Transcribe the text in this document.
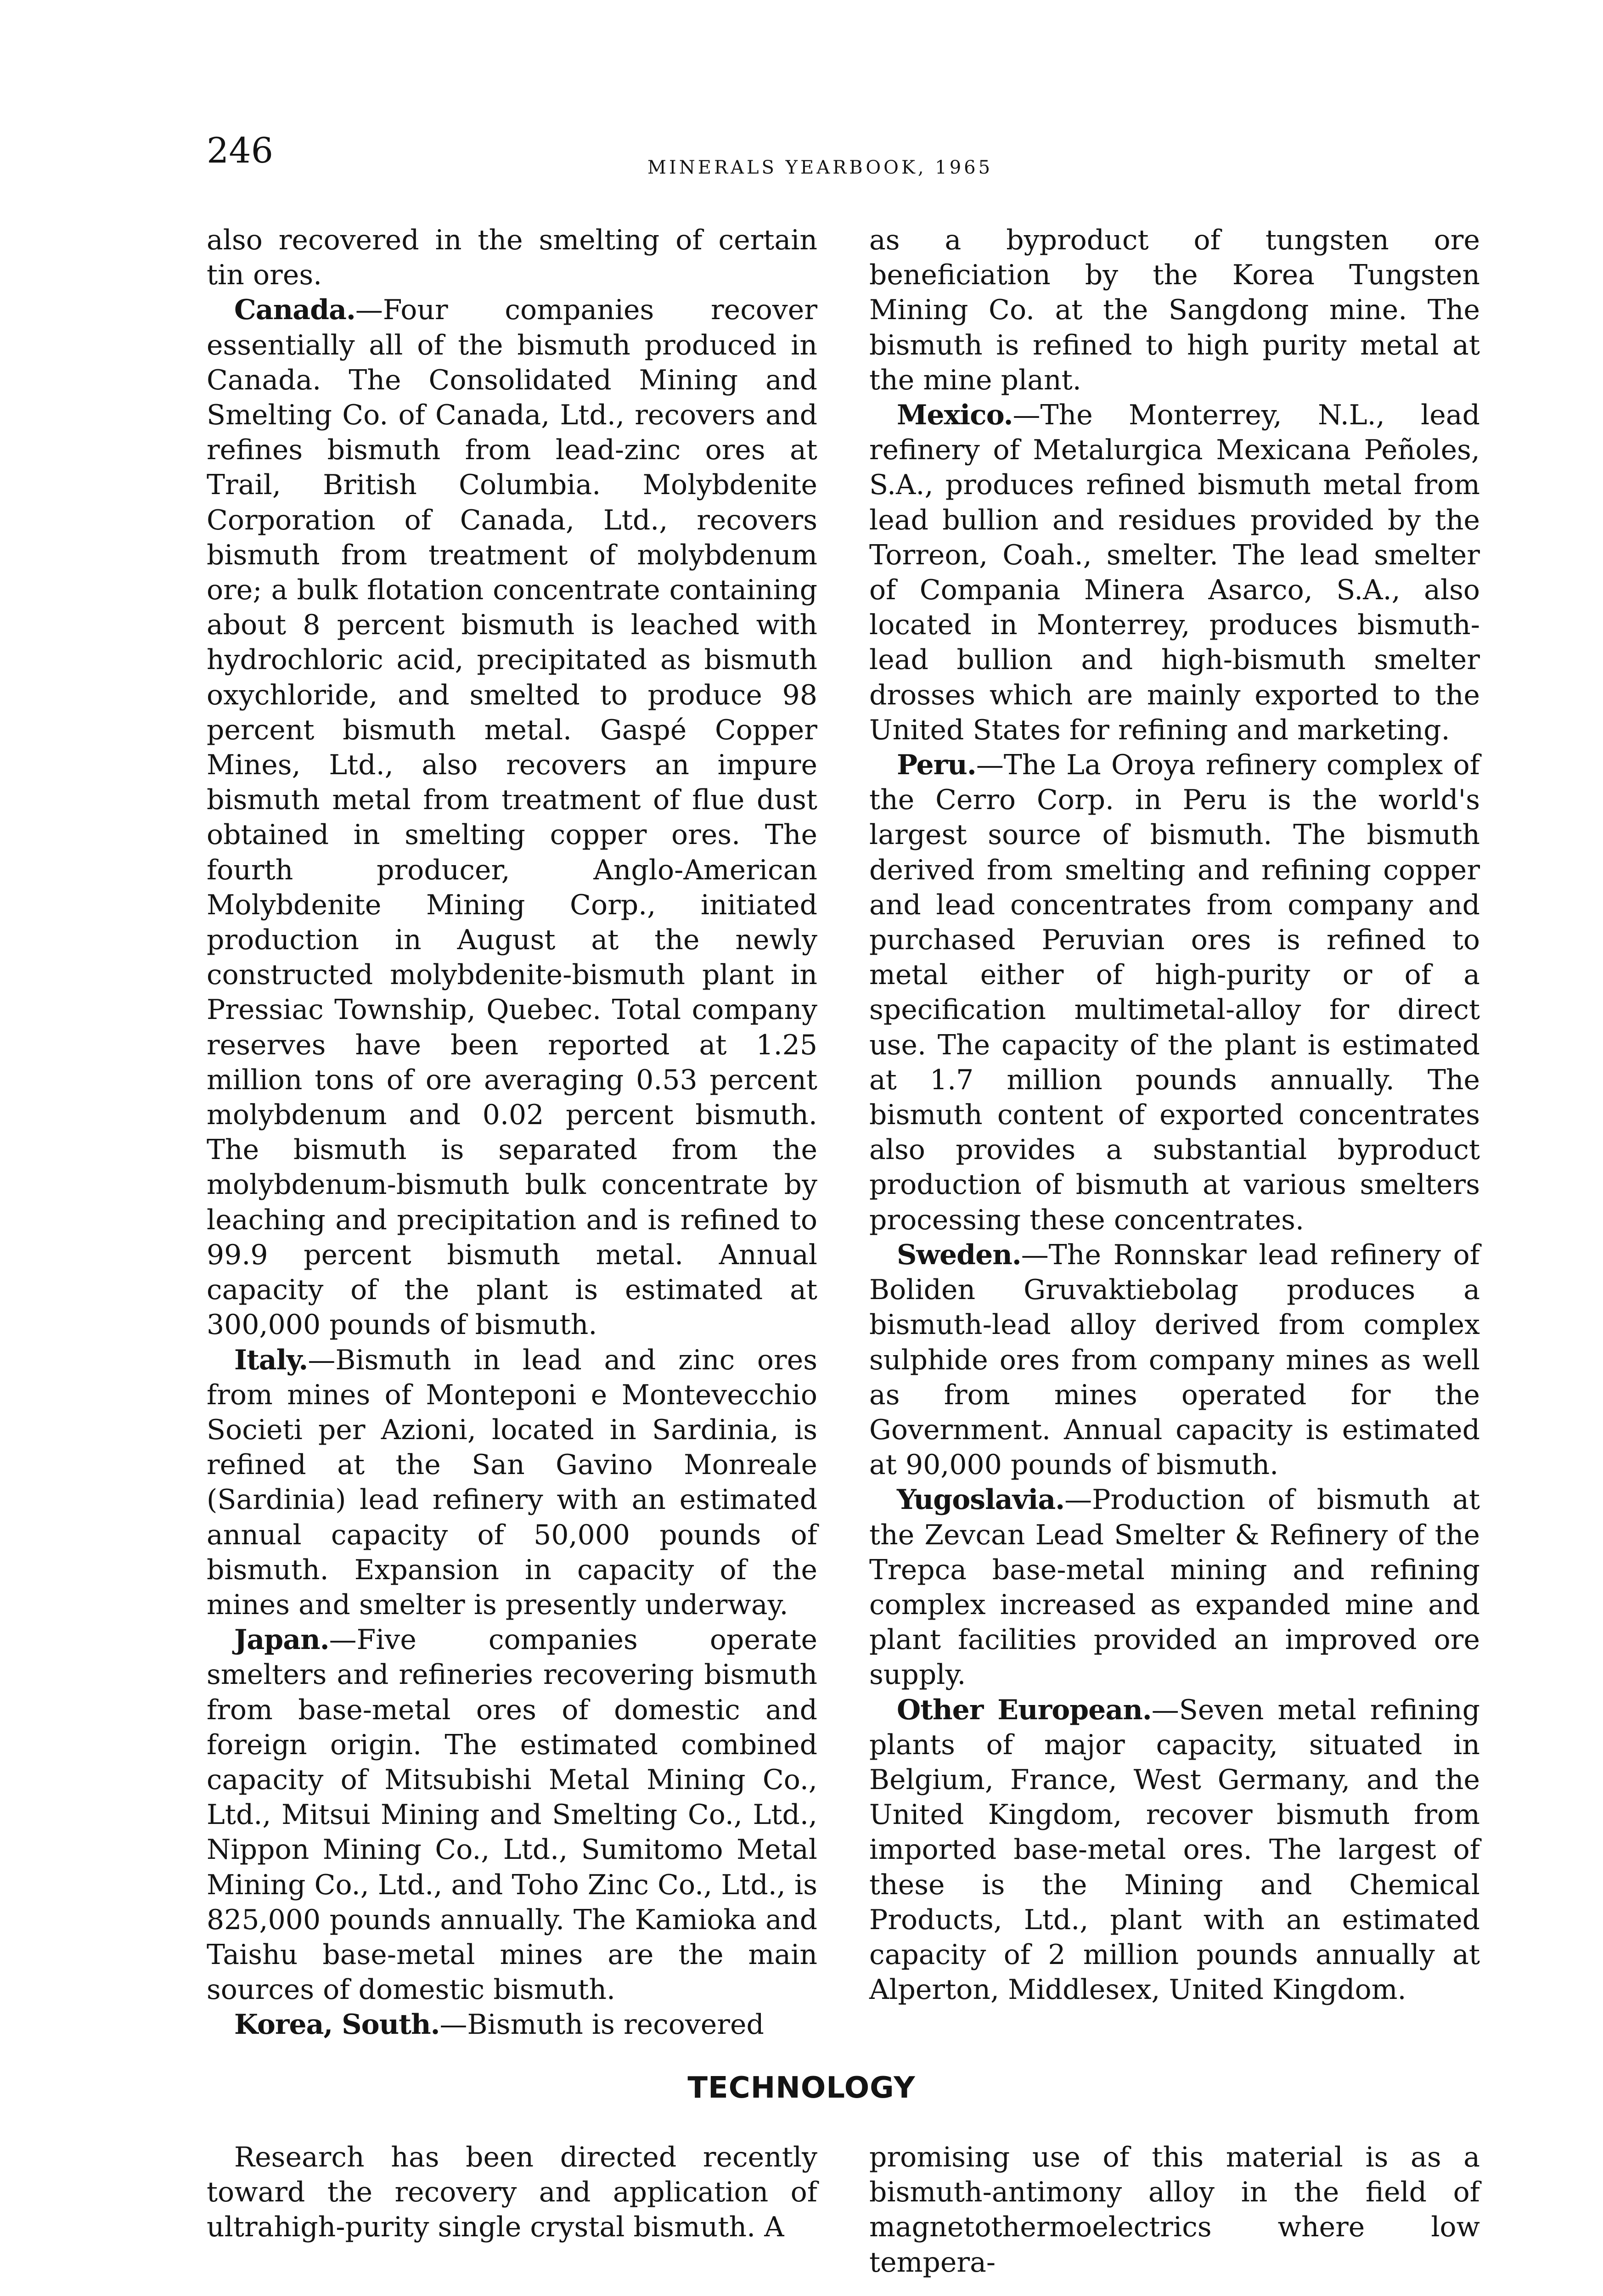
246	MINERALS YEARBOOK, 1965

also recovered in the smelting of certain tin ores.

Canada.—Four companies recover essentially all of the bismuth produced in Canada. The Consolidated Mining and Smelting Co. of Canada, Ltd., recovers and refines bismuth from lead-zinc ores at Trail, British Columbia. Molybdenite Corporation of Canada, Ltd., recovers bismuth from treatment of molybdenum ore; a bulk flotation concentrate containing about 8 percent bismuth is leached with hydrochloric acid, precipitated as bismuth oxychloride, and smelted to produce 98 percent bismuth metal. Gaspé Copper Mines, Ltd., also recovers an impure bismuth metal from treatment of flue dust obtained in smelting copper ores. The fourth producer, Anglo-American Molybdenite Mining Corp., initiated production in August at the newly constructed molybdenite-bismuth plant in Pressiac Township, Quebec. Total company reserves have been reported at 1.25 million tons of ore averaging 0.53 percent molybdenum and 0.02 percent bismuth. The bismuth is separated from the molybdenum-bismuth bulk concentrate by leaching and precipitation and is refined to 99.9 percent bismuth metal. Annual capacity of the plant is estimated at 300,000 pounds of bismuth.

Italy.—Bismuth in lead and zinc ores from mines of Monteponi e Montevecchio Societi per Azioni, located in Sardinia, is refined at the San Gavino Monreale (Sardinia) lead refinery with an estimated annual capacity of 50,000 pounds of bismuth. Expansion in capacity of the mines and smelter is presently underway.

Japan.—Five companies operate smelters and refineries recovering bismuth from base-metal ores of domestic and foreign origin. The estimated combined capacity of Mitsubishi Metal Mining Co., Ltd., Mitsui Mining and Smelting Co., Ltd., Nippon Mining Co., Ltd., Sumitomo Metal Mining Co., Ltd., and Toho Zinc Co., Ltd., is 825,000 pounds annually. The Kamioka and Taishu base-metal mines are the main sources of domestic bismuth.

Korea, South.—Bismuth is recovered

as a byproduct of tungsten ore beneficiation by the Korea Tungsten Mining Co. at the Sangdong mine. The bismuth is refined to high purity metal at the mine plant.

Mexico.—The Monterrey, N.L., lead refinery of Metalurgica Mexicana Peñoles, S.A., produces refined bismuth metal from lead bullion and residues provided by the Torreon, Coah., smelter. The lead smelter of Compania Minera Asarco, S.A., also located in Monterrey, produces bismuth-lead bullion and high-bismuth smelter drosses which are mainly exported to the United States for refining and marketing.

Peru.—The La Oroya refinery complex of the Cerro Corp. in Peru is the world's largest source of bismuth. The bismuth derived from smelting and refining copper and lead concentrates from company and purchased Peruvian ores is refined to metal either of high-purity or of a specification multimetal-alloy for direct use. The capacity of the plant is estimated at 1.7 million pounds annually. The bismuth content of exported concentrates also provides a substantial byproduct production of bismuth at various smelters processing these concentrates.

Sweden.—The Ronnskar lead refinery of Boliden Gruvaktiebolag produces a bismuth-lead alloy derived from complex sulphide ores from company mines as well as from mines operated for the Government. Annual capacity is estimated at 90,000 pounds of bismuth.

Yugoslavia.—Production of bismuth at the Zevcan Lead Smelter & Refinery of the Trepca base-metal mining and refining complex increased as expanded mine and plant facilities provided an improved ore supply.

Other European.—Seven metal refining plants of major capacity, situated in Belgium, France, West Germany, and the United Kingdom, recover bismuth from imported base-metal ores. The largest of these is the Mining and Chemical Products, Ltd., plant with an estimated capacity of 2 million pounds annually at Alperton, Middlesex, United Kingdom.

TECHNOLOGY

Research has been directed recently toward the recovery and application of ultrahigh-purity single crystal bismuth. A

promising use of this material is as a bismuth-antimony alloy in the field of magnetothermoelectrics where low tempera-
